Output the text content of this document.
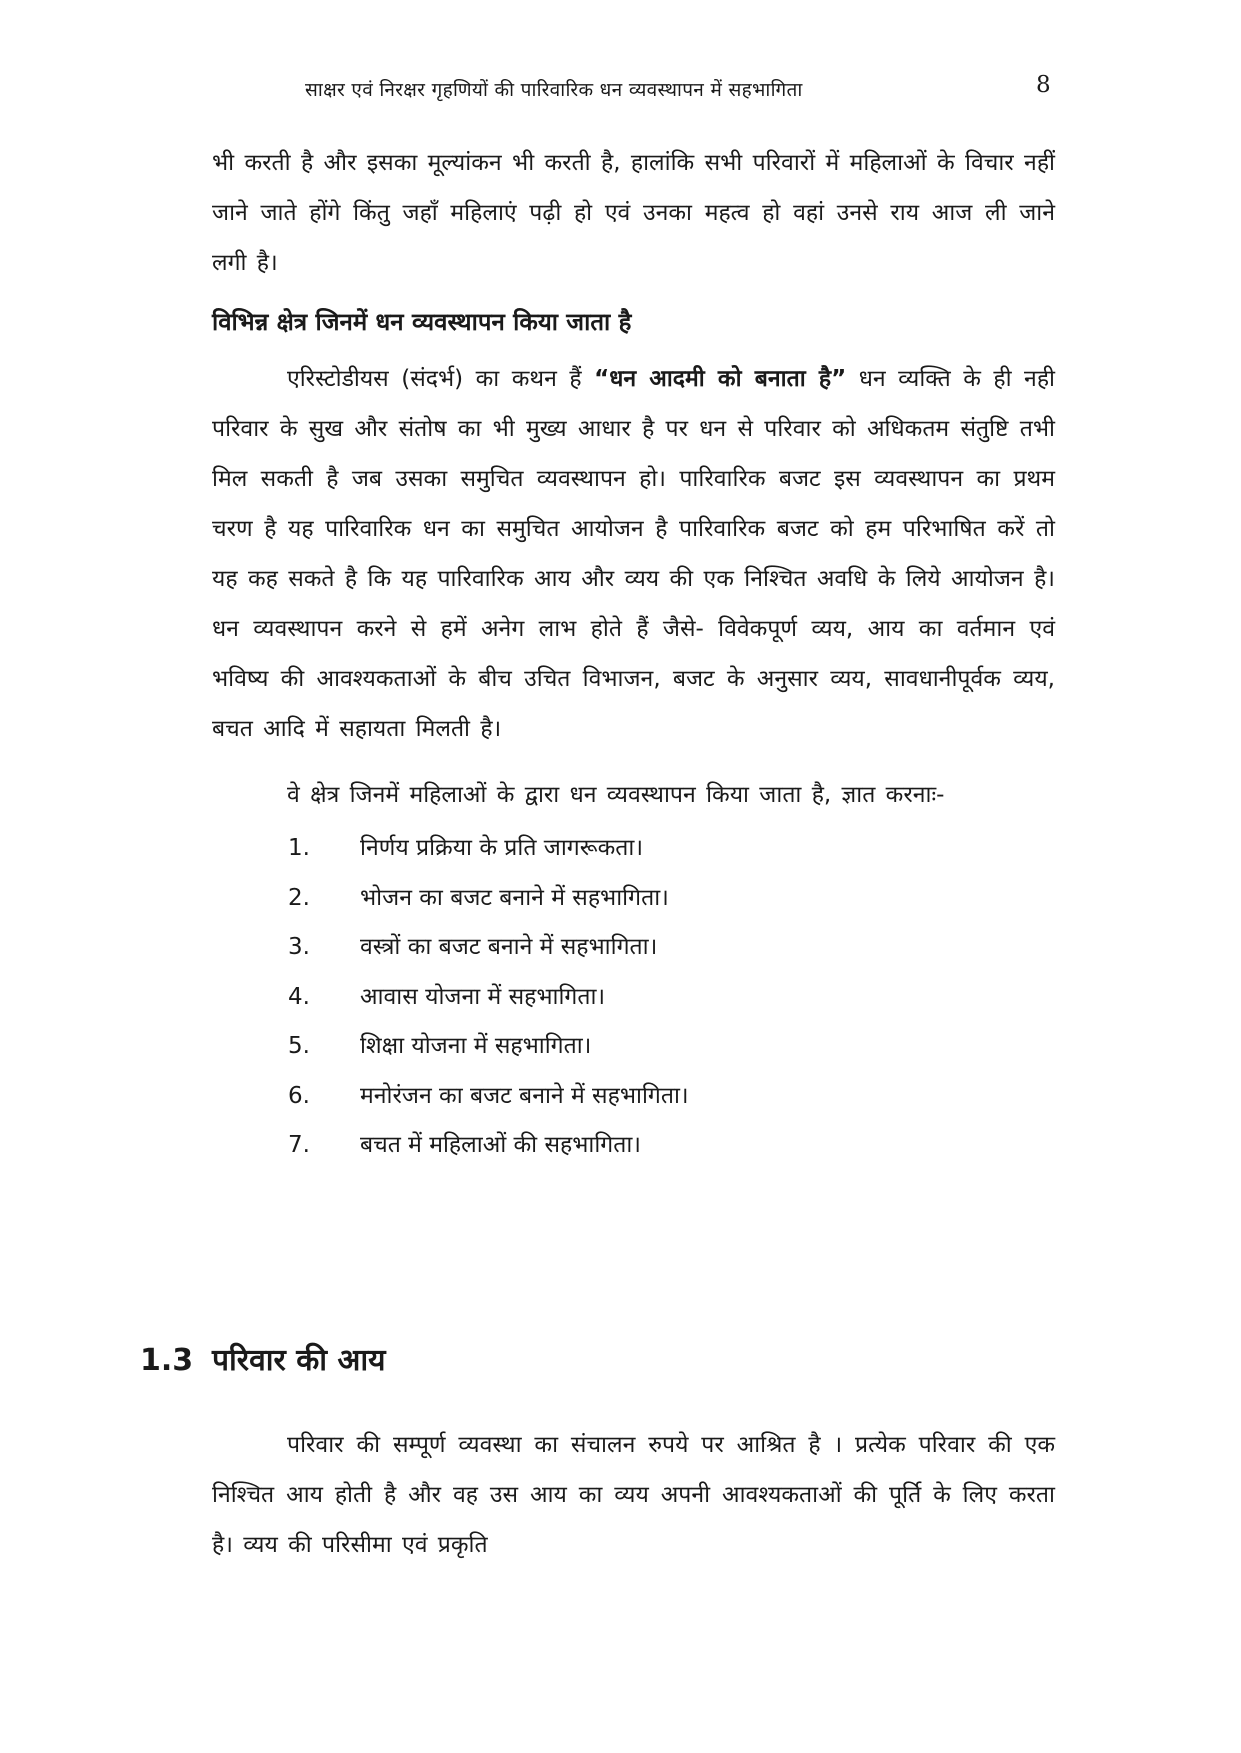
साक्षर एवं निरक्षर गृहणियों की पारिवारिक धन व्यवस्थापन में सहभागिता	8

भी करती है और इसका मूल्यांकन भी करती है, हालांकि सभी परिवारों में महिलाओं के विचार नहीं जाने जाते होंगे किंतु जहाँ महिलाएं पढ़ी हो एवं उनका महत्व हो वहां उनसे राय आज ली जाने लगी है।

विभिन्न क्षेत्र जिनमें धन व्यवस्थापन किया जाता है

एरिस्टोडीयस (संदर्भ) का कथन हैं “धन आदमी को बनाता है” धन व्यक्ति के ही नही परिवार के सुख और संतोष का भी मुख्य आधार है पर धन से परिवार को अधिकतम संतुष्टि तभी मिल सकती है जब उसका समुचित व्यवस्थापन हो। पारिवारिक बजट इस व्यवस्थापन का प्रथम चरण है यह पारिवारिक धन का समुचित आयोजन है पारिवारिक बजट को हम परिभाषित करें तो यह कह सकते है कि यह पारिवारिक आय और व्यय की एक निश्चित अवधि के लिये आयोजन है। धन व्यवस्थापन करने से हमें अनेग लाभ होते हैं जैसे- विवेकपूर्ण व्यय, आय का वर्तमान एवं भविष्य की आवश्यकताओं के बीच उचित विभाजन, बजट के अनुसार व्यय, सावधानीपूर्वक व्यय, बचत आदि में सहायता मिलती है।

वे क्षेत्र जिनमें महिलाओं के द्वारा धन व्यवस्थापन किया जाता है, ज्ञात करनाः-

1.	निर्णय प्रक्रिया के प्रति जागरूकता।
2.	भोजन का बजट बनाने में सहभागिता।
3.	वस्त्रों का बजट बनाने में सहभागिता।
4.	आवास योजना में सहभागिता।
5.	शिक्षा योजना में सहभागिता।
6.	मनोरंजन का बजट बनाने में सहभागिता।
7.	बचत में महिलाओं की सहभागिता।
1.3 परिवार की आय

परिवार की सम्पूर्ण व्यवस्था का संचालन रुपये पर आश्रित है । प्रत्येक परिवार की एक निश्चित आय होती है और वह उस आय का व्यय अपनी आवश्यकताओं की पूर्ति के लिए करता है। व्यय की परिसीमा एवं प्रकृति
